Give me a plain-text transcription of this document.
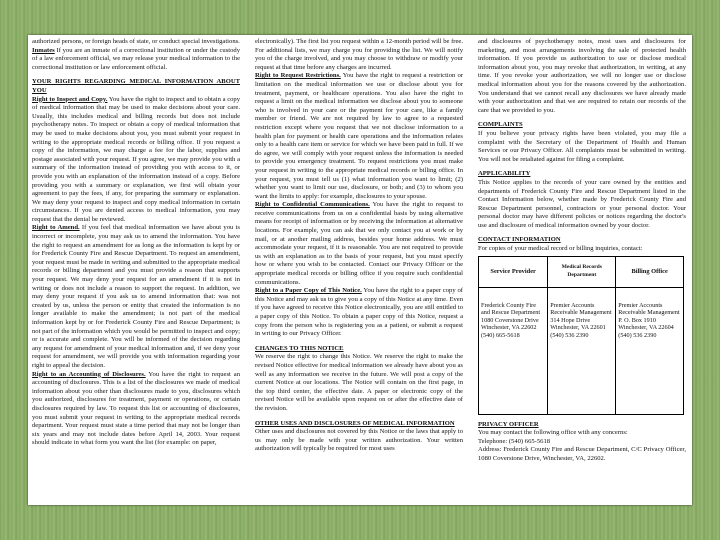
authorized persons, or foreign heads of state, or conduct special investigations.

Inmates If you are an inmate of a correctional institution or under the custody of a law enforcement official, we may release your medical information to the correctional institution or law enforcement official.

YOUR RIGHTS REGARDING MEDICAL INFORMATION ABOUT YOU

Right to Inspect and Copy. You have the right to inspect and to obtain a copy of medical information that may be used to make decisions about your care. Usually, this includes medical and billing records but does not include psychotherapy notes. To inspect or obtain a copy of medical information that may be used to make decisions about you, you must submit your request in writing to the appropriate medical records or billing office. If you request a copy of the information, we may charge a fee for the labor, supplies and postage associated with your request. If you agree, we may provide you with a summary of the information instead of providing you with access to it, or provide you with an explanation of the information instead of a copy. Before providing you with a summary or explanation, we first will obtain your agreement to pay the fees, if any, for preparing the summary or explanation. We may deny your request to inspect and copy medical information in certain circumstances. If you are denied access to medical information, you may request that the denial be reviewed.

Right to Amend. If you feel that medical information we have about you is incorrect or incomplete, you may ask us to amend the information. You have the right to request an amendment for as long as the information is kept by or for Frederick County Fire and Rescue Department. To request an amendment, your request must be made in writing and submitted to the appropriate medical records or billing department and you must provide a reason that supports your request. We may deny your request for an amendment if it is not in writing or does not include a reason to support the request. In addition, we may deny your request if you ask us to amend information that: was not created by us, unless the person or entity that created the information is no longer available to make the amendment; is not part of the medical information kept by or for Frederick County Fire and Rescue Department; is not part of the information which you would be permitted to inspect and copy; or is accurate and complete. You will be informed of the decision regarding any request for amendment of your medical information and, if we deny your request for amendment, we will provide you with information regarding your right to appeal the decision.

Right to an Accounting of Disclosures. You have the right to request an accounting of disclosures. This is a list of the disclosures we made of medical information about you other than disclosures made to you, disclosures which you authorized, disclosures for treatment, payment or operations, or certain disclosures required by law. To request this list or accounting of disclosures, you must submit your request in writing to the appropriate medical records department. Your request must state a time period that may not be longer than six years and may not include dates before April 14, 2003. Your request should indicate in what form you want the list (for example: on paper,

electronically). The first list you request within a 12-month period will be free. For additional lists, we may charge you for providing the list. We will notify you of the charge involved, and you may choose to withdraw or modify your request at that time before any charges are incurred.

Right to Request Restrictions. You have the right to request a restriction or limitation on the medical information we use or disclose about you for treatment, payment, or healthcare operations. You also have the right to request a limit on the medical information we disclose about you to someone who is involved in your care or the payment for your care, like a family member or friend. We are not required by law to agree to a requested restriction except where you request that we not disclose information to a health plan for payment or health care operations and the information relates only to a health care item or service for which we have been paid in full. If we do agree, we will comply with your request unless the information is needed to provide you emergency treatment. To request restrictions you must make your request in writing to the appropriate medical records or billing office. In your request, you must tell us (1) what information you want to limit; (2) whether you want to limit our use, disclosure, or both; and (3) to whom you want the limits to apply: for example, disclosures to your spouse.

Right to Confidential Communications. You have the right to request to receive communications from us on a confidential basis by using alternative means for receipt of information or by receiving the information at alternative locations. For example, you can ask that we only contact you at work or by mail, or at another mailing address, besides your home address. We must accommodate your request, if it is reasonable. You are not required to provide us with an explanation as to the basis of your request, but you must specify how or where you wish to be contacted. Contact our Privacy Officer or the appropriate medical records or billing office if you require such confidential communications.

Right to a Paper Copy of This Notice. You have the right to a paper copy of this Notice and may ask us to give you a copy of this Notice at any time. Even if you have agreed to receive this Notice electronically, you are still entitled to a paper copy of this Notice. To obtain a paper copy of this Notice, request a copy from the person who is registering you as a patient, or submit a request in writing to our Privacy Officer.

CHANGES TO THIS NOTICE

We reserve the right to change this Notice. We reserve the right to make the revised Notice effective for medical information we already have about you as well as any information we receive in the future. We will post a copy of the current Notice at our locations. The Notice will contain on the first page, in the top third center, the effective date. A paper or electronic copy of the revised Notice will be available upon request on or after the effective date of the revision.

OTHER USES AND DISCLOSURES OF MEDICAL INFORMATION

Other uses and disclosures not covered by this Notice or the laws that apply to us may only be made with your written authorization. Your written authorization will typically be required for most uses

and disclosures of psychotherapy notes, most uses and disclosures for marketing, and most arrangements involving the sale of protected health information. If you provide us authorization to use or disclose medical information about you, you may revoke that authorization, in writing, at any time. If you revoke your authorization, we will no longer use or disclose medical information about you for the reasons covered by the authorization. You understand that we cannot recall any disclosures we have already made with your authorization and that we are required to retain our records of the care that we provided to you.

COMPLAINTS

If you believe your privacy rights have been violated, you may file a complaint with the Secretary of the Department of Health and Human Services or our Privacy Officer. All complaints must be submitted in writing. You will not be retaliated against for filing a complaint.

APPLICABILITY

This Notice applies to the records of your care owned by the entities and departments of Frederick County Fire and Rescue Department listed in the Contact Information below, whether made by Frederick County Fire and Rescue Department personnel, contractors or your personal doctor. Your personal doctor may have different policies or notices regarding the doctor's use and disclosure of medical information owned by your doctor.

CONTACT INFORMATION

For copies of your medical record or billing inquiries, contact:

Service Provider	Medical Records Department	Billing Office
Frederick County Fire and Rescue Department 1080 Coverstone Drive Winchester, VA 22602 (540) 665-5618	Premier Accounts Receivable Management 314 Hope Drive Winchester, VA 22601 (540) 536 2390	Premier Accounts Receivable Management P. O. Box 1910 Winchester, VA 22604 (540) 536 2390

PRIVACY OFFICER

You may contact the following office with any concerns:

Telephone: (540) 665-5618

Address: Frederick County Fire and Rescue Department, C/C Privacy Officer, 1080 Coverstone Drive, Winchester, VA, 22602.
